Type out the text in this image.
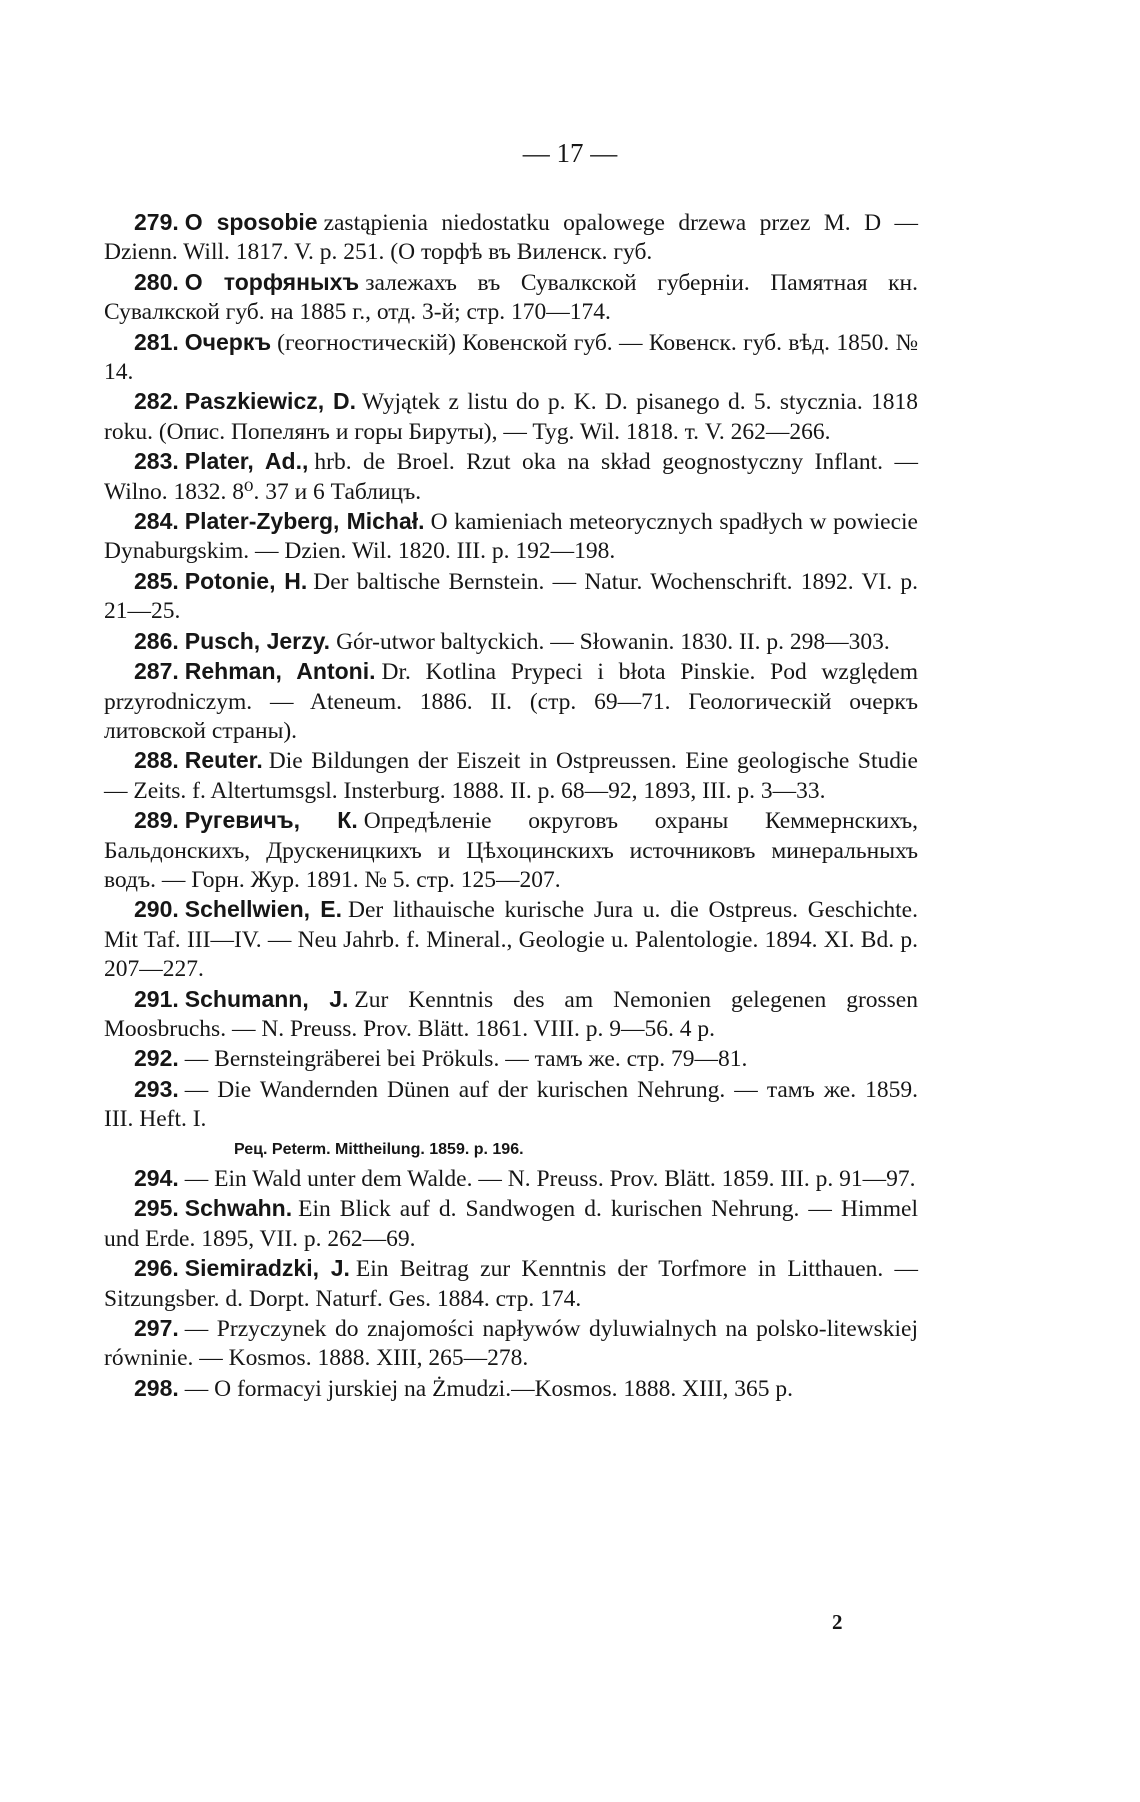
— 17 —

279. O sposobie zastąpienia niedostatku opalowege drzewa przez M. D — Dzienn. Will. 1817. V. p. 251. (О торфѣ въ Виленск. губ.

280. О торфяныхъ залежахъ въ Сувалкской губерніи. Памятная кн. Сувалкской губ. на 1885 г., отд. 3-й; стр. 170—174.

281. Очеркъ (геогностическій) Ковенской губ. — Ковенск. губ. вѣд. 1850. № 14.

282. Paszkiewicz, D. Wyjątek z listu do p. K. D. pisanego d. 5. stycznia. 1818 roku. (Опис. Попелянъ и горы Бируты), — Tyg. Wil. 1818. т. V. 262—266.

283. Plater, Ad., hrb. de Broel. Rzut oka na skład geognostyczny Inflant. — Wilno. 1832. 8⁰. 37 и 6 Таблицъ.

284. Plater-Zyberg, Michał. O kamieniach meteorycznych spadłych w powiecie Dynaburgskim. — Dzien. Wil. 1820. III. p. 192—198.

285. Potonie, H. Der baltische Bernstein. — Natur. Wochenschrift. 1892. VI. p. 21—25.

286. Pusch, Jerzy. Gór-utwor baltyckich. — Słowanin. 1830. II. p. 298—303.

287. Rehman, Antoni. Dr. Kotlina Prypeci i błota Pinskie. Pod względem przyrodniczym. — Ateneum. 1886. II. (стр. 69—71. Геологическій очеркъ литовской страны).

288. Reuter. Die Bildungen der Eiszeit in Ostpreussen. Eine geologische Studie — Zeits. f. Altertumsgsl. Insterburg. 1888. II. p. 68—92, 1893, III. p. 3—33.

289. Ругевичъ, К. Опредѣленіе округовъ охраны Кеммернскихъ, Бальдонскихъ, Друскеницкихъ и Цѣхоцинскихъ источниковъ минеральныхъ водъ. — Горн. Жур. 1891. № 5. стр. 125—207.

290. Schellwien, E. Der lithauische kurische Jura u. die Ostpreus. Geschichte. Mit Taf. III—IV. — Neu Jahrb. f. Mineral., Geologie u. Palentologie. 1894. XI. Bd. p. 207—227.

291. Schumann, J. Zur Kenntnis des am Nemonien gelegenen grossen Moosbruchs. — N. Preuss. Prov. Blätt. 1861. VIII. p. 9—56. 4 p.

292. — Bernsteingräberei bei Prökuls. — тамъ же. стр. 79—81.

293. — Die Wandernden Dünen auf der kurischen Nehrung. — тамъ же. 1859. III. Heft. I.

Рец. Peterm. Mittheilung. 1859. p. 196.

294. — Ein Wald unter dem Walde. — N. Preuss. Prov. Blätt. 1859. III. p. 91—97.

295. Schwahn. Ein Blick auf d. Sandwogen d. kurischen Nehrung. — Himmel und Erde. 1895, VII. p. 262—69.

296. Siemiradzki, J. Ein Beitrag zur Kenntnis der Torfmore in Litthauen. — Sitzungsber. d. Dorpt. Naturf. Ges. 1884. стр. 174.

297. — Przyczynek do znajomości napływów dyluwialnych na polsko-litewskiej równinie. — Kosmos. 1888. XIII, 265—278.

298. — O formacyi jurskiej na Żmudzi.—Kosmos. 1888. XIII, 365 p.

2
